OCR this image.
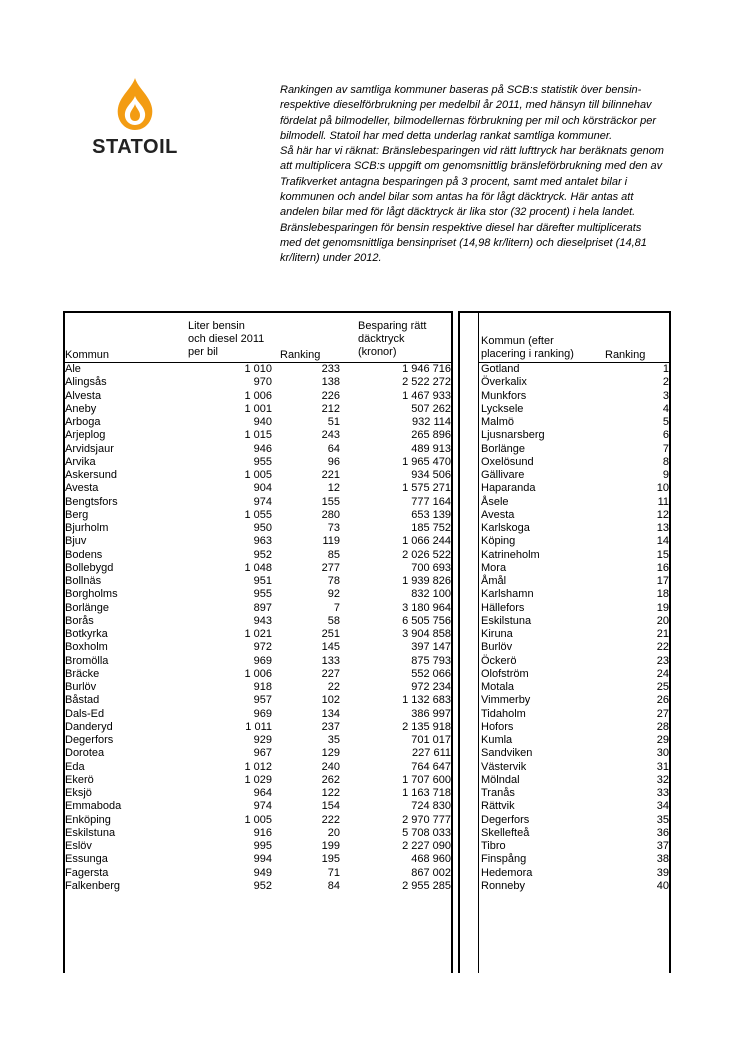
STATOIL

Rankingen av samtliga kommuner baseras på SCB:s statistik över bensin- respektive dieselförbrukning per medelbil år 2011, med hänsyn till bilinnehav fördelat på bilmodeller, bilmodellernas förbrukning per mil och körsträckor per bilmodell. Statoil har med detta underlag rankat samtliga kommuner.

Så här har vi räknat: Bränslebesparingen vid rätt lufttryck har beräknats genom att multiplicera SCB:s uppgift om genomsnittlig bränsleförbrukning med den av Trafikverket antagna besparingen på 3 procent, samt med antalet bilar i kommunen och andel bilar som antas ha för lågt däcktryck. Här antas att andelen bilar med för lågt däcktryck är lika stor (32 procent) i hela landet. Bränslebesparingen för bensin respektive diesel har därefter multiplicerats med det genomsnittliga bensinpriset (14,98 kr/litern) och dieselpriset (14,81 kr/litern) under 2012.

Kommun
Liter bensin
och diesel 2011
per bil	Ranking
Besparing rätt
däcktryck
(kronor)
Kommun (efter
placering i ranking)	Ranking
Ale	1 010	233	1 946 716
Alingsås	970	138	2 522 272
Alvesta	1 006	226	1 467 933
Aneby	1 001	212	507 262
Arboga	940	51	932 114
Arjeplog	1 015	243	265 896
Arvidsjaur	946	64	489 913
Arvika	955	96	1 965 470
Askersund	1 005	221	934 506
Avesta	904	12	1 575 271
Bengtsfors	974	155	777 164
Berg	1 055	280	653 139
Bjurholm	950	73	185 752
Bjuv	963	119	1 066 244
Bodens	952	85	2 026 522
Bollebygd	1 048	277	700 693
Bollnäs	951	78	1 939 826
Borgholms	955	92	832 100
Borlänge	897	7	3 180 964
Borås	943	58	6 505 756
Botkyrka	1 021	251	3 904 858
Boxholm	972	145	397 147
Bromölla	969	133	875 793
Bräcke	1 006	227	552 066
Burlöv	918	22	972 234
Båstad	957	102	1 132 683
Dals-Ed	969	134	386 997
Danderyd	1 011	237	2 135 918
Degerfors	929	35	701 017
Dorotea	967	129	227 611
Eda	1 012	240	764 647
Ekerö	1 029	262	1 707 600
Eksjö	964	122	1 163 718
Emmaboda	974	154	724 830
Enköping	1 005	222	2 970 777
Eskilstuna	916	20	5 708 033
Eslöv	995	199	2 227 090
Essunga	994	195	468 960
Fagersta	949	71	867 002
Falkenberg	952	84	2 955 285
Gotland	1
Överkalix	2
Munkfors	3
Lycksele	4
Malmö	5
Ljusnarsberg	6
Borlänge	7
Oxelösund	8
Gällivare	9
Haparanda	10
Åsele	11
Avesta	12
Karlskoga	13
Köping	14
Katrineholm	15
Mora	16
Åmål	17
Karlshamn	18
Hällefors	19
Eskilstuna	20
Kiruna	21
Burlöv	22
Öckerö	23
Olofström	24
Motala	25
Vimmerby	26
Tidaholm	27
Hofors	28
Kumla	29
Sandviken	30
Västervik	31
Mölndal	32
Tranås	33
Rättvik	34
Degerfors	35
Skellefteå	36
Tibro	37
Finspång	38
Hedemora	39
Ronneby	40
